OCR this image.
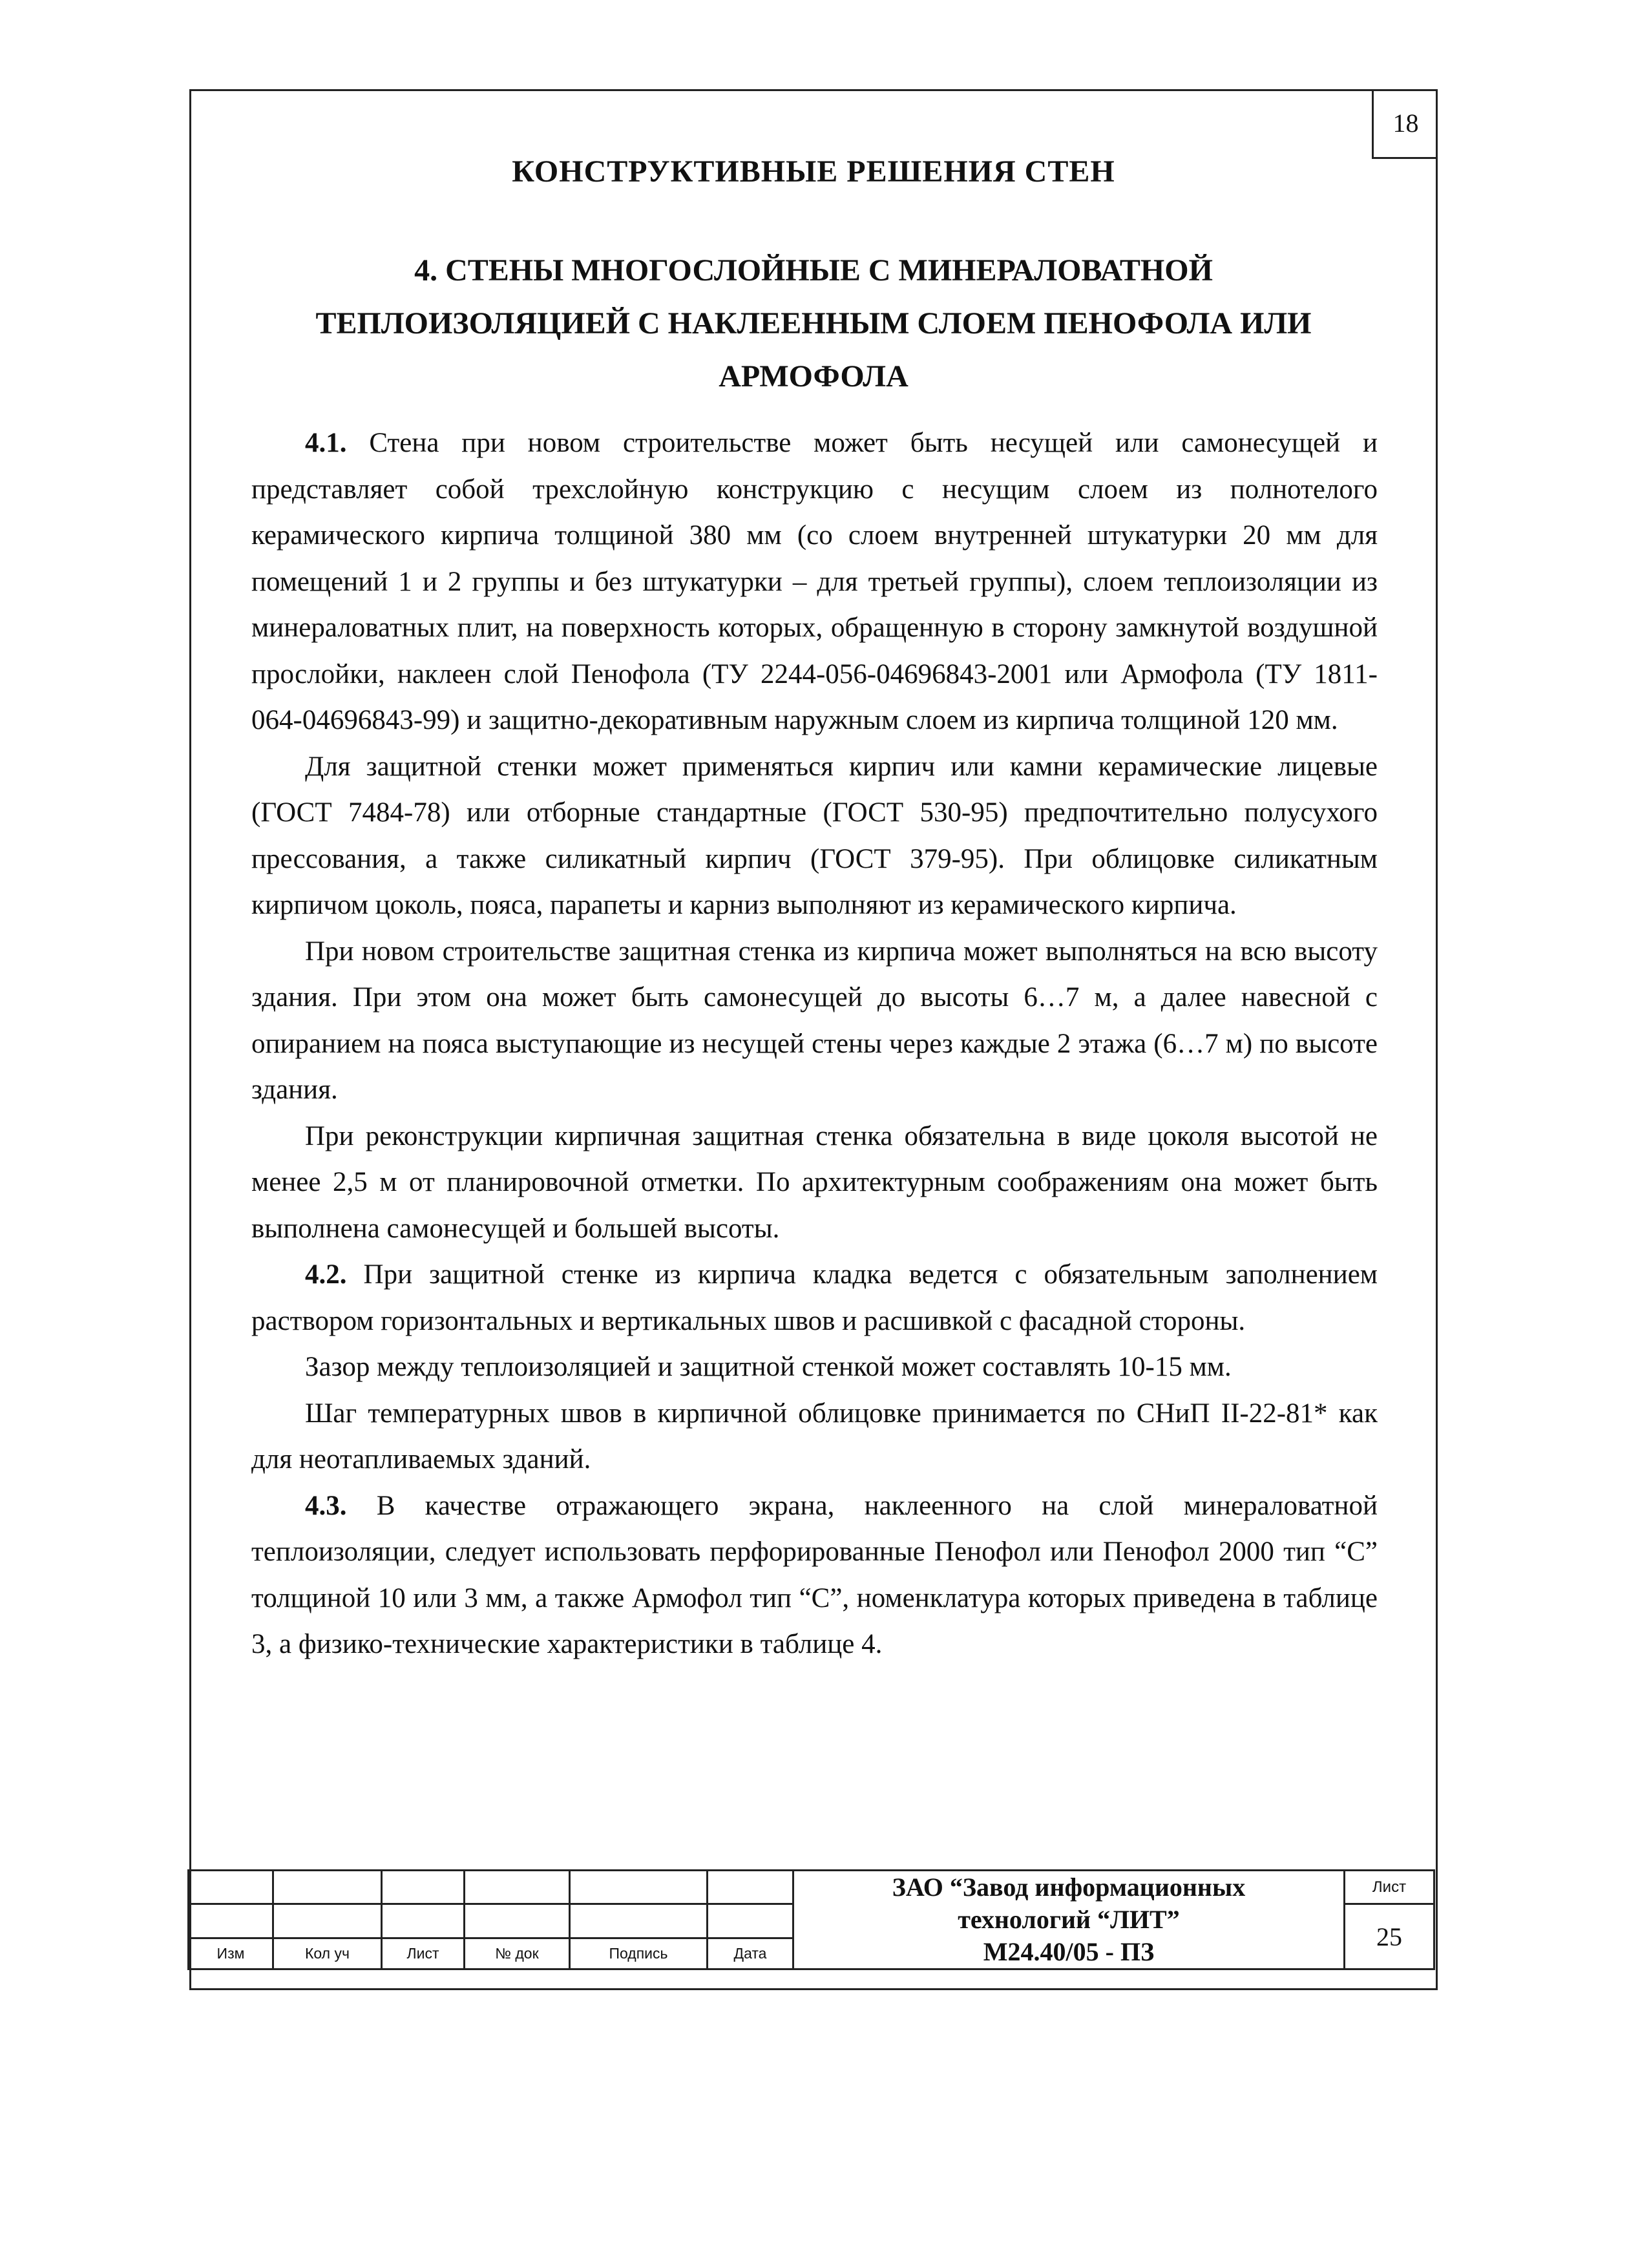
18
КОНСТРУКТИВНЫЕ РЕШЕНИЯ СТЕН
4. СТЕНЫ МНОГОСЛОЙНЫЕ С МИНЕРАЛОВАТНОЙ
ТЕПЛОИЗОЛЯЦИЕЙ С НАКЛЕЕННЫМ СЛОЕМ ПЕНОФОЛА ИЛИ
АРМОФОЛА

4.1. Стена при новом строительстве может быть несущей или самонесущей и представляет собой трехслойную конструкцию с несущим слоем из полнотелого керамического кирпича толщиной 380 мм (со слоем внутренней штукатурки 20 мм для помещений 1 и 2 группы и без штукатурки – для третьей группы), слоем теплоизоляции из минераловатных плит, на поверхность которых, обращенную в сторону замкнутой воздушной прослойки, наклеен слой Пенофола (ТУ 2244-056-04696843-2001 или Армофола (ТУ 1811-064-04696843-99) и защитно-декоративным наружным слоем из кирпича толщиной 120 мм.

Для защитной стенки может применяться кирпич или камни керамические лицевые (ГОСТ 7484-78) или отборные стандартные (ГОСТ 530-95) предпочтительно полусухого прессования, а также силикатный кирпич (ГОСТ 379-95). При облицовке силикатным кирпичом цоколь, пояса, парапеты и карниз выполняют из керамического кирпича.

При новом строительстве защитная стенка из кирпича может выполняться на всю высоту здания. При этом она может быть самонесущей до высоты 6…7 м, а далее навесной с опиранием на пояса выступающие из несущей стены через каждые 2 этажа (6…7 м) по высоте здания.

При реконструкции кирпичная защитная стенка обязательна в виде цоколя высотой не менее 2,5 м от планировочной отметки. По архитектурным соображениям она может быть выполнена самонесущей и большей высоты.

4.2. При защитной стенке из кирпича кладка ведется с обязательным заполнением раствором горизонтальных и вертикальных швов и расшивкой с фасадной стороны.

Зазор между теплоизоляцией и защитной стенкой может составлять 10-15 мм.

Шаг температурных швов в кирпичной облицовке принимается по СНиП II-22-81* как для неотапливаемых зданий.

4.3. В качестве отражающего экрана, наклеенного на слой минераловатной теплоизоляции, следует использовать перфорированные Пенофол или Пенофол 2000 тип “С” толщиной 10 или 3 мм, а также Армофол тип “С”, номенклатура которых приведена в таблице 3, а физико-технические характеристики в таблице 4.

						ЗАО “Завод информационных
технологий “ЛИТ”
М24.40/05 - ПЗ	Лист
							25
Изм	Кол уч	Лист	№ док	Подпись	Дата		
